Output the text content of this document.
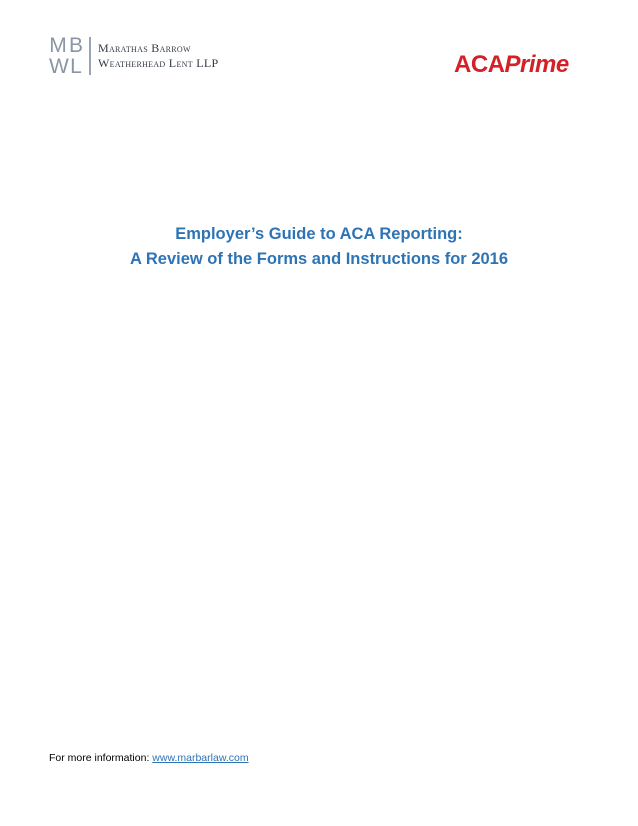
M B
W L
Marathas Barrow
Weatherhead Lent LLP	ACAPrime
Employer’s Guide to ACA Reporting:
A Review of the Forms and Instructions for 2016
For more information: www.marbarlaw.com
